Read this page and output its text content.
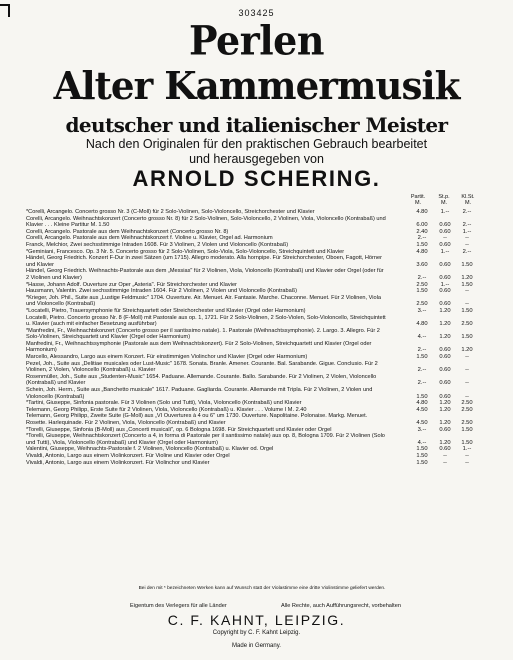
303425
Perlen
Alter Kammermusik
deutscher und italienischer Meister
Nach den Originalen für den praktischen Gebrauch bearbeitet
und herausgegeben von
ARNOLD SCHERING.
Partit.
M.
St.p.
M.
Kl.St.
M.
*Corelli, Arcangelo. Concerto grosso Nr. 3 (C-Moll) für 2 Solo-Violinen, Solo-Violoncello, Streichorchester und Klavier	4.80	1.--	2.--
Corelli, Arcangelo. Weihnachtskonzert (Concerto grosso Nr. 8) für 2 Solo-Violinen, Solo-Violoncello, 2 Violinen, Viola, Violoncello (Kontrabaß) und Klavier . . . Kleine Partitur M. 1.50	6.00	0.60	2.--
Corelli, Arcangelo. Pastorale aus dem Weihnachtskonzert (Concerto grosso Nr. 8)	2.40	0.60	1.--
Corelli, Arcangelo. Pastorale aus dem Weihnachtskonzert f. Violine u. Klavier, Orgel ad. Harmonium	2.--	--	--
Franck, Melchior, Zwei sechsstimmige Intraden 1608. Für 3 Violinen, 2 Violen und Violoncello (Kontrabaß)	1.50	0.60	--
*Geminiani, Francesco. Op. 3 Nr. 5. Concerto grosso für 2 Solo-Violinen, Solo-Viola, Solo-Violoncello, Streichquintett und Klavier	4.80	1.--	2.--
Händel, Georg Friedrich. Konzert F-Dur in zwei Sätzen (um 1715). Allegro moderato. Alla hornpipe. Für Streichorchester, Oboen, Fagott, Hörner und Klavier	3.60	0.60	1.50
Händel, Georg Friedrich. Weihnachts-Pastorale aus dem „Messias" für 2 Violinen, Viola, Violoncello (Kontrabaß) und Klavier oder Orgel (oder für 2 Violinen und Klavier)	2.--	0.60	1.20
*Hasse, Johann Adolf. Ouverture zur Oper „Asteria". Für Streichorchester und Klavier	2.50	1.--	1.50
Hausmann, Valentin. Zwei sechsstimmige Intraden 1604. Für 2 Violinen, 2 Violen und Violoncello (Kontrabaß)	1.50	0.60	--
*Krieger, Joh. Phil., Suite aus „Lustige Feldmusic" 1704. Ouverture. Air. Menuet. Air. Fantasie. Marche. Chaconne. Menuet. Für 2 Violinen, Viola und Violoncello (Kontrabaß)	2.50	0.60	--
*Locatelli, Pietro, Trauersymphonie für Streichquartett oder Streichorchester und Klavier (Orgel oder Harmonium)	3.--	1.20	1.50
Locatelli, Pietro. Concerto grosso Nr. 8 (F-Moll) mit Pastorale aus op. 1, 1721. Für 2 Solo-Violinen, 2 Solo-Violen, Solo-Violoncello, Streichquintett u. Klavier (auch mit einfacher Besetzung ausführbar)	4.80	1.20	2.50
*Manfredini, Fr., Weihnachtskonzert (Concerto grosso per il santissimo natale). 1. Pastorale (Weihnachtssymphonie). 2. Largo. 3. Allegro. Für 2 Solo-Violinen, Streichquartett und Klavier (Orgel oder Harmonium)	4.--	1.20	1.50
Manfredini, Fr., Weihnachtssymphonie (Pastorale aus dem Weihnachtskonzert). Für 2 Solo-Violinen, Streichquartett und Klavier (Orgel oder Harmonium)	2.--	0.60	1.20
Marcello, Alessandro, Largo aus einem Konzert. Für einstimmigen Violinchor und Klavier (Orgel oder Harmonium)	1.50	0.60	--
Pezel, Joh., Suite aus „Delitiae musicales oder Lust-Music" 1678. Sonata. Branle. Amener. Courante. Bal. Sarabande. Gigue. Conclusio. Für 2 Violinen, 2 Violen, Violoncello (Kontrabaß) u. Klavier	2.--	0.60	--
Rosenmüller, Joh., Suite aus „Studenten-Music" 1654. Paduane. Allemande. Courante. Ballo. Sarabande. Für 2 Violinen, 2 Violen, Violoncello (Kontrabaß) und Klavier	2.--	0.60	--
Schein, Joh. Herm., Suite aus „Banchetto musicale" 1617. Paduane. Gagliarda. Courante. Allemande mit Tripla. Für 2 Violinen, 2 Violen und Violoncello (Kontrabaß)	1.50	0.60	--
*Tartini, Giuseppe, Sinfonia pastorale. Für 3 Violinen (Solo und Tutti), Viola, Violoncello (Kontrabaß) und Klavier	4.80	1.20	2.50
Telemann, Georg Philipp, Erste Suite für 2 Violinen, Viola, Violoncello (Kontrabaß) u. Klavier . . . Volume I M. 2.40	4.50	1.20	2.50
Telemann, Georg Philipp, Zweite Suite (G-Moll) aus „VI Ouvertures à 4 ou 6" um 1730. Ouverture. Napolitaine. Polonaise. Markg. Menuet. Rosette. Harlequinade. Für 2 Violinen, Viola, Violoncello (Kontrabaß) und Klavier	4.50	1.20	2.50
*Torelli, Giuseppe, Sinfonia (B-Moll) aus „Concerti musicali", op. 6 Bologna 1698. Für Streichquartett und Klavier oder Orgel	3.--	0.60	1.50
*Torelli, Giuseppe, Weihnachtskonzert (Concerto a 4, in forma di Pastorale per il santissimo natale) aus op. 8, Bologna 1709. Für 2 Violinen (Solo und Tutti), Viola, Violoncello (Kontrabaß) und Klavier (Orgel oder Harmonium)	4.--	1.20	1.50
Valentini, Giuseppe, Weihnachts-Pastorale f. 2 Violinen, Violoncello (Kontrabaß) u. Klavier od. Orgel	1.50	0.60	1.--
Vivaldi, Antonio, Largo aus einem Violinkonzert. Für Violine und Klavier oder Orgel	1.50	--	--
Vivaldi, Antonio, Largo aus einem Violinkonzert. Für Violinchor und Klavier	1.50	--	--
Bei den mit * bezeichneten Werken kann auf Wunsch statt der Violastimme eine dritte Violinstimme geliefert werden.
Eigentum des Verlegers für alle Länder	Alle Rechte, auch Aufführungsrecht, vorbehalten
C. F. KAHNT, LEIPZIG.
Copyright by C. F. Kahnt Leipzig.
Made in Germany.
